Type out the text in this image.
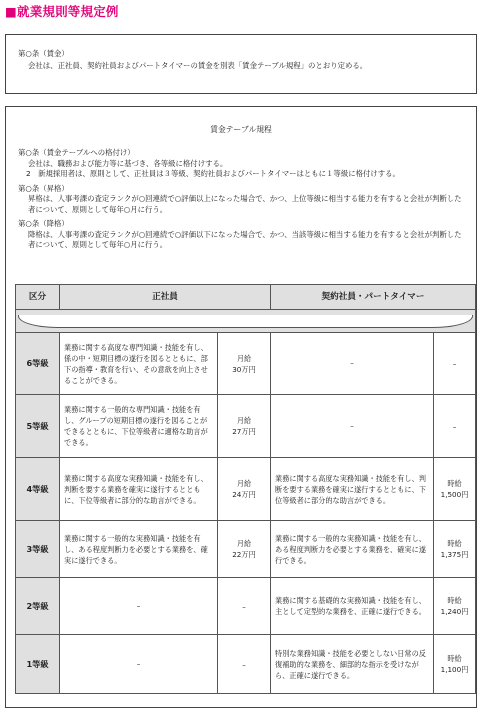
■就業規則等規定例
第○条（賃金）
会社は、正社員、契約社員およびパートタイマーの賃金を別表「賃金テーブル規程」のとおり定める。
賃金テーブル規程
第○条（賃金テーブルへの格付け）
会社は、職務および能力等に基づき、各等級に格付けする。
2　新規採用者は、原則として、正社員は３等級、契約社員およびパートタイマーはともに１等級に格付けする。
第○条（昇格）
昇格は、人事考課の査定ランクが○回連続で○評価以上になった場合で、かつ、上位等級に相当する能力を有すると会社が判断した者について、原則として毎年○月に行う。
第○条（降格）
降格は、人事考課の査定ランクが○回連続で○評価以下になった場合で、かつ、当該等級に相当する能力を有すると会社が判断した者について、原則として毎年○月に行う。
区分	正社員		契約社員・パートタイマー	

6等級	業務に関する高度な専門知識・技能を有し、係の中・短期目標の遂行を図るとともに、部下の指導・教育を行い、その意欲を向上させることができる。	月給
30万円	–	–

5等級	業務に関する一般的な専門知識・技能を有し、グループの短期目標の遂行を図ることができるとともに、下位等級者に適格な助言ができる。	月給
27万円	–	–

4等級	業務に関する高度な実務知識・技能を有し、判断を要する業務を確実に遂行するとともに、下位等級者に部分的な助言ができる。	月給
24万円	業務に関する高度な実務知識・技能を有し、判断を要する業務を確実に遂行するとともに、下位等級者に部分的な助言ができる。	時給
1,500円
3等級	業務に関する一般的な実務知識・技能を有し、ある程度判断力を必要とする業務を、確実に遂行できる。	月給
22万円	業務に関する一般的な実務知識・技能を有し、ある程度判断力を必要とする業務を、確実に遂行できる。	時給
1,375円
2等級	–	–	業務に関する基礎的な実務知識・技能を有し、主として定型的な業務を、正確に遂行できる。	時給
1,240円
1等級	–	–	特別な業務知識・技能を必要としない日常の反復補助的な業務を、細部的な指示を受けながら、正確に遂行できる。	時給
1,100円
